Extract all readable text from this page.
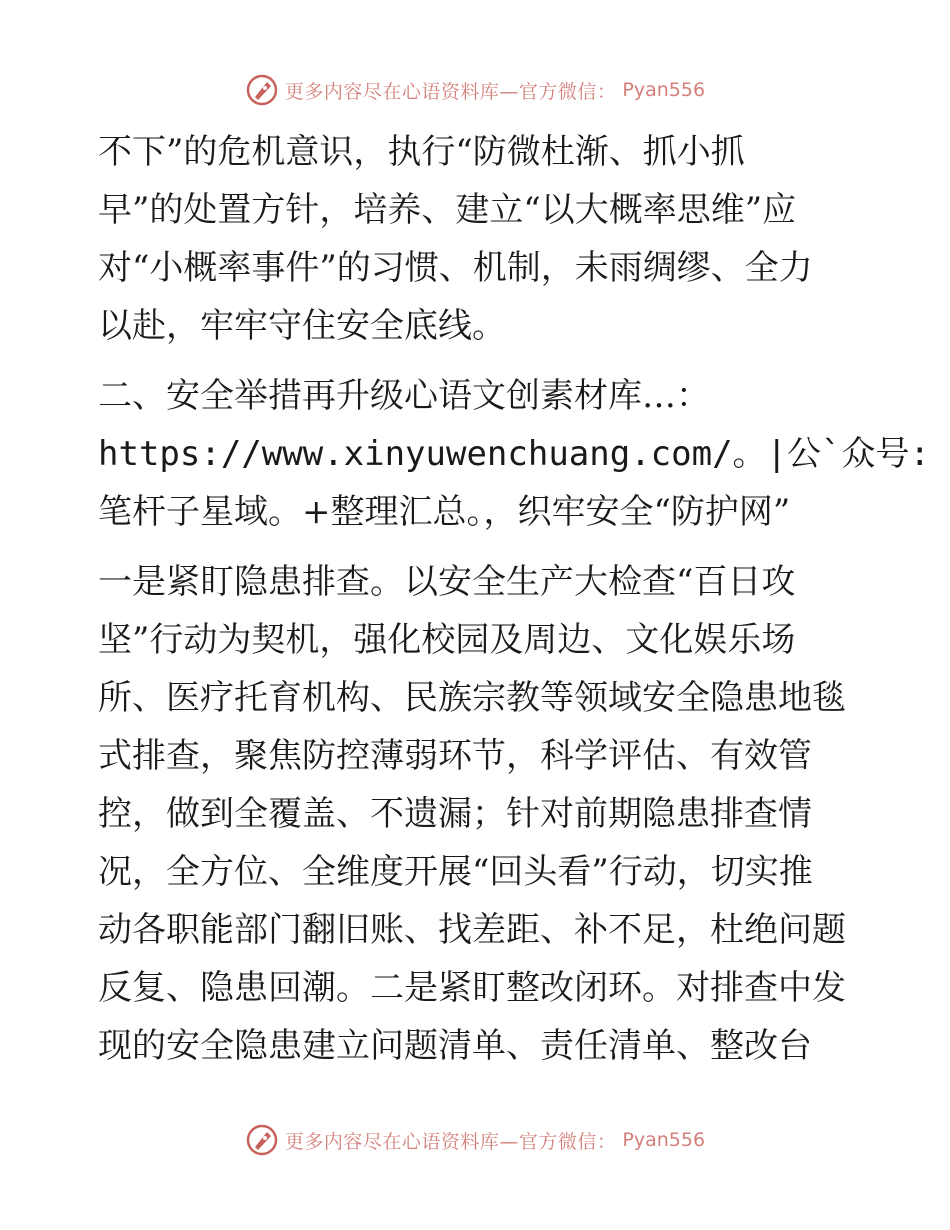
更多内容尽在心语资料库—官方微信： Pyan556
不下”的危机意识，执行“防微杜渐、抓小抓
早”的处置方针，培养、建立“以大概率思维”应
对“小概率事件”的习惯、机制，未雨绸缪、全力
以赴，牢牢守住安全底线。
二、安全举措再升级心语文创素材库…：
https://www.xinyuwenchuang.com/。|公`众号:
笔杆子星域。+整理汇总。，织牢安全“防护网”
一是紧盯隐患排查。以安全生产大检查“百日攻
坚”行动为契机，强化校园及周边、文化娱乐场
所、医疗托育机构、民族宗教等领域安全隐患地毯
式排查，聚焦防控薄弱环节，科学评估、有效管
控，做到全覆盖、不遗漏；针对前期隐患排查情
况，全方位、全维度开展“回头看”行动，切实推
动各职能部门翻旧账、找差距、补不足，杜绝问题
反复、隐患回潮。二是紧盯整改闭环。对排查中发
现的安全隐患建立问题清单、责任清单、整改台
更多内容尽在心语资料库—官方微信： Pyan556
